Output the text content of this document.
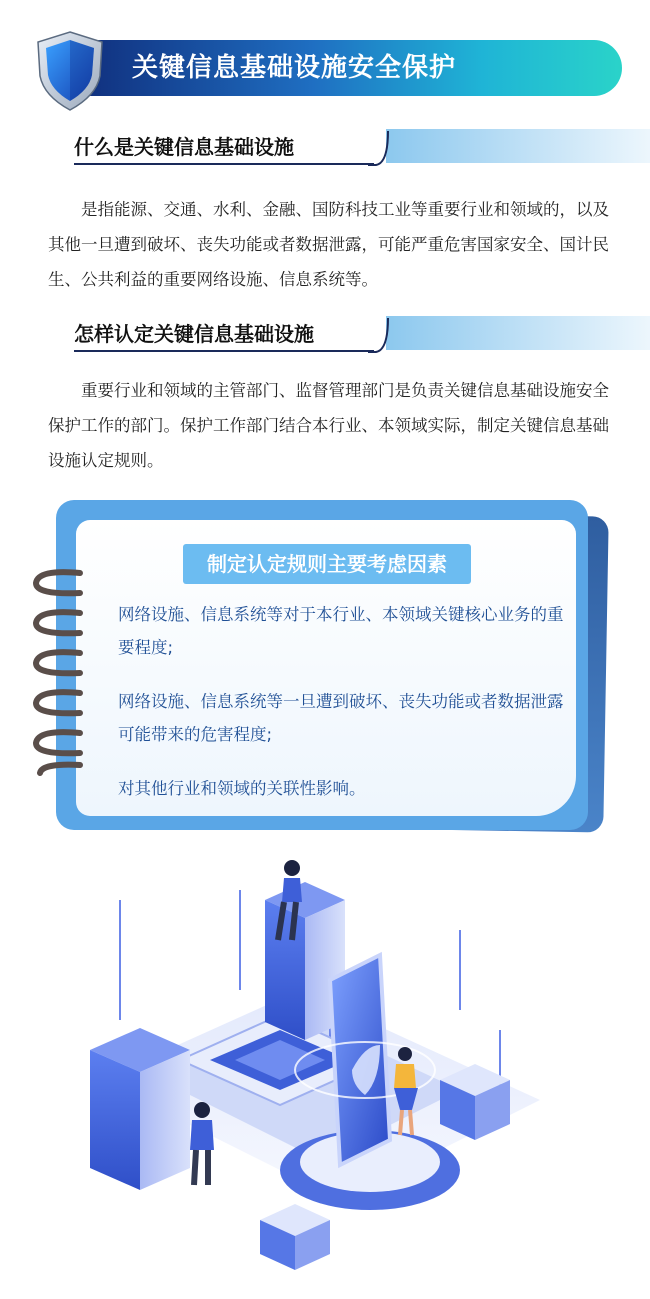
关键信息基础设施安全保护
什么是关键信息基础设施
是指能源、交通、水利、金融、国防科技工业等重要行业和领域的，以及其他一旦遭到破坏、丧失功能或者数据泄露，可能严重危害国家安全、国计民生、公共利益的重要网络设施、信息系统等。
怎样认定关键信息基础设施
重要行业和领域的主管部门、监督管理部门是负责关键信息基础设施安全保护工作的部门。保护工作部门结合本行业、本领域实际，制定关键信息基础设施认定规则。
制定认定规则主要考虑因素
网络设施、信息系统等对于本行业、本领域关键核心业务的重要程度;
网络设施、信息系统等一旦遭到破坏、丧失功能或者数据泄露可能带来的危害程度;
对其他行业和领域的关联性影响。
